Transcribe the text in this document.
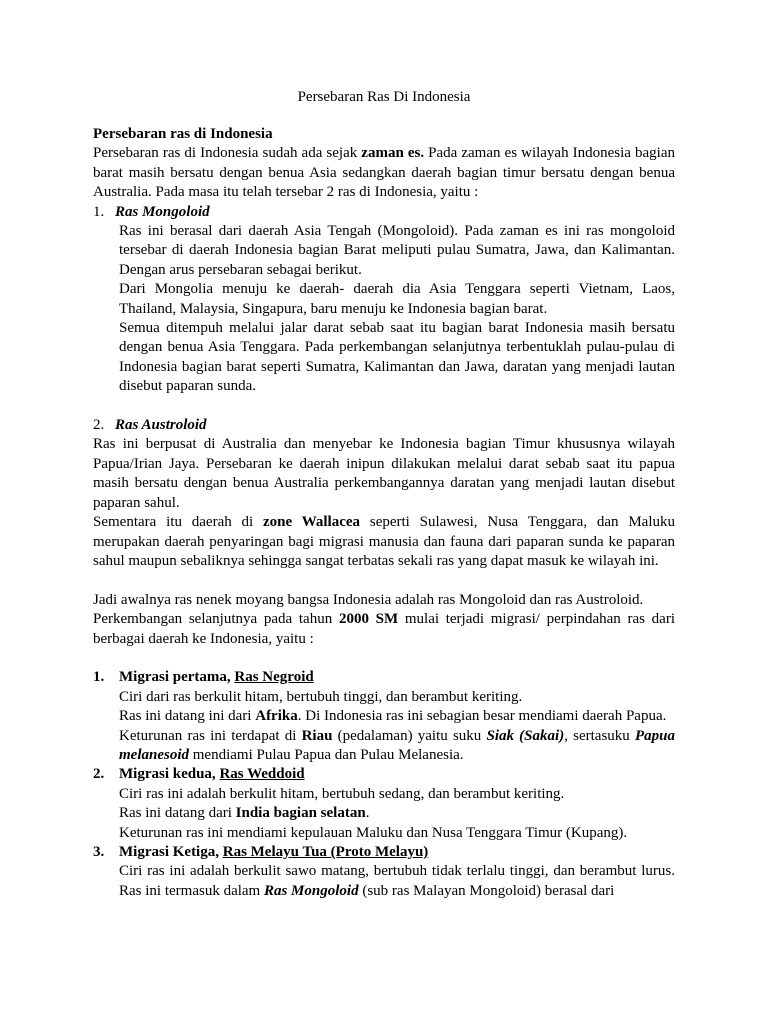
Persebaran Ras Di Indonesia

Persebaran ras di Indonesia

Persebaran ras di Indonesia sudah ada sejak zaman es. Pada zaman es wilayah Indonesia bagian barat masih bersatu dengan benua Asia sedangkan daerah bagian timur bersatu dengan benua Australia. Pada masa itu telah tersebar 2 ras di Indonesia, yaitu :

1. Ras Mongoloid

Ras ini berasal dari daerah Asia Tengah (Mongoloid). Pada zaman es ini ras mongoloid tersebar di daerah Indonesia bagian Barat meliputi pulau Sumatra, Jawa, dan Kalimantan. Dengan arus persebaran sebagai berikut.

Dari Mongolia menuju ke daerah- daerah dia Asia Tenggara seperti Vietnam, Laos, Thailand, Malaysia, Singapura, baru menuju ke Indonesia bagian barat.

Semua ditempuh melalui jalar darat sebab saat itu bagian barat Indonesia masih bersatu dengan benua Asia Tenggara. Pada perkembangan selanjutnya terbentuklah pulau-pulau di Indonesia bagian barat seperti Sumatra, Kalimantan dan Jawa, daratan yang menjadi lautan disebut paparan sunda.

2. Ras Austroloid

Ras ini berpusat di Australia dan menyebar ke Indonesia bagian Timur khususnya wilayah Papua/Irian Jaya. Persebaran ke daerah inipun dilakukan melalui darat sebab saat itu papua masih bersatu dengan benua Australia perkembangannya daratan yang menjadi lautan disebut paparan sahul.

Sementara itu daerah di zone Wallacea seperti Sulawesi, Nusa Tenggara, dan Maluku merupakan daerah penyaringan bagi migrasi manusia dan fauna dari paparan sunda ke paparan sahul maupun sebaliknya sehingga sangat terbatas sekali ras yang dapat masuk ke wilayah ini.

Jadi awalnya ras nenek moyang bangsa Indonesia adalah ras Mongoloid dan ras Austroloid.

Perkembangan selanjutnya pada tahun 2000 SM mulai terjadi migrasi/ perpindahan ras dari berbagai daerah ke Indonesia, yaitu :

1. Migrasi pertama, Ras Negroid

Ciri dari ras berkulit hitam, bertubuh tinggi, dan berambut keriting.

Ras ini datang ini dari Afrika. Di Indonesia ras ini sebagian besar mendiami daerah Papua.

Keturunan ras ini terdapat di Riau (pedalaman) yaitu suku Siak (Sakai), sertasuku Papua melanesoid mendiami Pulau Papua dan Pulau Melanesia.

2. Migrasi kedua, Ras Weddoid

Ciri ras ini adalah berkulit hitam, bertubuh sedang, dan berambut keriting.

Ras ini datang dari India bagian selatan.

Keturunan ras ini mendiami kepulauan Maluku dan Nusa Tenggara Timur (Kupang).

3. Migrasi Ketiga, Ras Melayu Tua (Proto Melayu)

Ciri ras ini adalah berkulit sawo matang, bertubuh tidak terlalu tinggi, dan berambut lurus. Ras ini termasuk dalam Ras Mongoloid (sub ras Malayan Mongoloid) berasal dari
